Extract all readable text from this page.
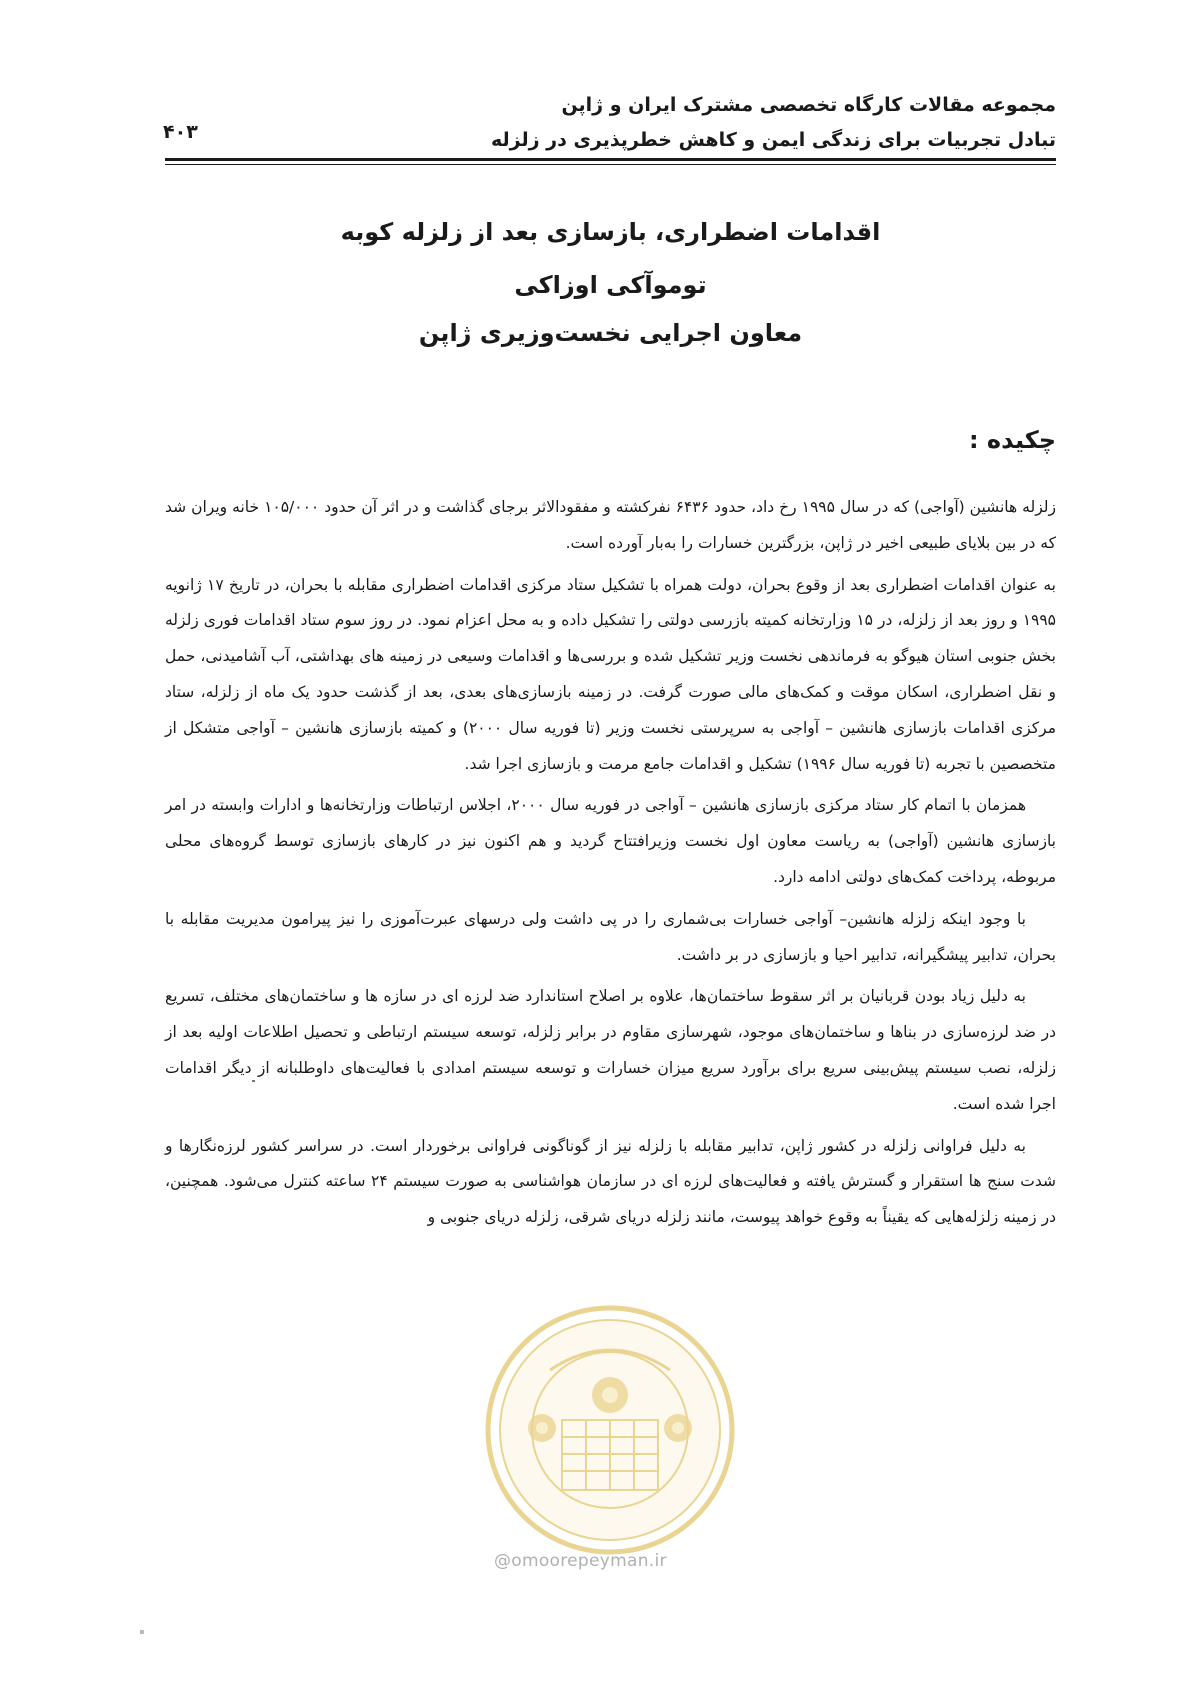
مجموعه مقالات کارگاه تخصصی مشترک ایران و ژاپن
تبادل تجربیات برای زندگی ایمن و کاهش خطرپذیری در زلزله
۴۰۳
اقدامات اضطراری، بازسازی بعد از زلزله کوبه
توموآکی اوزاکی
معاون اجرایی نخست‌وزیری ژاپن
چکیده :

زلزله هانشین (آواجی) که در سال ۱۹۹۵ رخ داد، حدود ۶۴۳۶ نفرکشته و مفقودالاثر برجای گذاشت و در اثر آن حدود ۱۰۵/۰۰۰ خانه ویران شد که در بین بلایای طبیعی اخیر در ژاپن، بزرگترین خسارات را به‌بار آورده است.

به عنوان اقدامات اضطراری بعد از وقوع بحران، دولت همراه با تشکیل ستاد مرکزی اقدامات اضطراری مقابله با بحران، در تاریخ ۱۷ ژانویه ۱۹۹۵ و روز بعد از زلزله، در ۱۵ وزارتخانه کمیته بازرسی دولتی را تشکیل داده و به محل اعزام نمود. در روز سوم ستاد اقدامات فوری زلزله بخش جنوبی استان هیوگو به فرماندهی نخست وزیر تشکیل شده و بررسی‌ها و اقدامات وسیعی در زمینه های بهداشتی، آب آشامیدنی، حمل و نقل اضطراری، اسکان موقت و کمک‌های مالی صورت گرفت. در زمینه بازسازی‌های بعدی، بعد از گذشت حدود یک ماه از زلزله، ستاد مرکزی اقدامات بازسازی هانشین – آواجی به سرپرستی نخست وزیر (تا فوریه سال ۲۰۰۰) و کمیته بازسازی هانشین – آواجی متشکل از متخصصین با تجربه (تا فوریه سال ۱۹۹۶) تشکیل و اقدامات جامع مرمت و بازسازی اجرا شد.

همزمان با اتمام کار ستاد مرکزی بازسازی هانشین – آواجی در فوریه سال ۲۰۰۰، اجلاس ارتباطات وزارتخانه‌ها و ادارات وابسته در امر بازسازی هانشین (آواجی) به ریاست معاون اول نخست وزیرافتتاح گردید و هم اکنون نیز در کارهای بازسازی توسط گروه‌های محلی مربوطه، پرداخت کمک‌های دولتی ادامه دارد.

با وجود اینکه زلزله هانشین– آواجی خسارات بی‌شماری را در پی داشت ولی درسهای عبرت‌آموزی را نیز پیرامون مدیریت مقابله با بحران، تدابیر پیشگیرانه، تدابیر احیا و بازسازی در بر داشت.

به دلیل زیاد بودن قربانیان بر اثر سقوط ساختمان‌ها، علاوه بر اصلاح استاندارد ضد لرزه ای در سازه ها و ساختمان‌های مختلف، تسریع در ضد لرزه‌سازی در بناها و ساختمان‌های موجود، شهرسازی مقاوم در برابر زلزله، توسعه سیستم ارتباطی و تحصیل اطلاعات اولیه بعد از زلزله، نصب سیستم پیش‌بینی سریع برای برآورد سریع میزان خسارات و توسعه سیستم امدادی با فعالیت‌های داوطلبانه از دیگر اقدامات اجرا شده است.

به دلیل فراوانی زلزله در کشور ژاپن، تدابیر مقابله با زلزله نیز از گوناگونی فراوانی برخوردار است. در سراسر کشور لرزه‌نگارها و شدت سنج ها استقرار و گسترش یافته و فعالیت‌های لرزه ای در سازمان هواشناسی به صورت سیستم ۲۴ ساعته کنترل می‌شود. همچنین، در زمینه زلزله‌هایی که یقیناً به وقوع خواهد پیوست، مانند زلزله دریای شرقی، زلزله دریای جنوبی و

@omoorepeyman.ir
